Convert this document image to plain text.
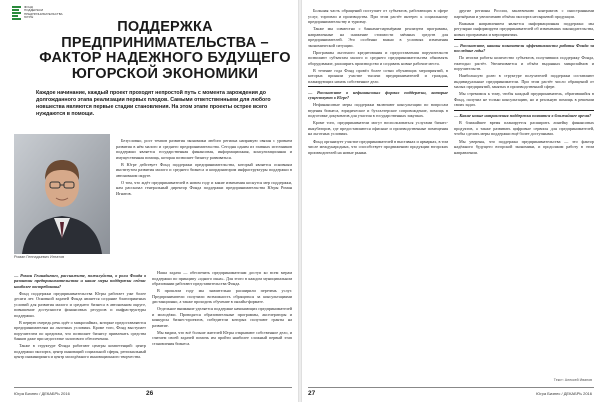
ФОНД
ПОДДЕРЖКИ
ПРЕДПРИНИМАТЕЛЬСТВА
ЮГРЫ
ПОДДЕРЖКА ПРЕДПРИНИМАТЕЛЬСТВА – ФАКТОР НАДЕЖНОГО БУДУЩЕГО ЮГОРСКОЙ ЭКОНОМИКИ

Каждое начинание, каждый проект проходят непростой путь с момента зарождения до долгожданного этапа реализации первых плодов. Самыми ответственными для любого новшества являются первые стадии становления. На этом этапе проекты острее всего нуждаются в помощи.

Роман Геннадьевич Игнатов

Безусловно, рост темпов развития экономики любого региона напрямую связан с уровнем развития в нём малого и среднего предпринимательства. Сегодня одним из главных источников поддержки является государственная финансовая, информационная, консультационная и имущественная помощь, которая позволяет бизнесу развиваться.

В Югре действует Фонд поддержки предпринимательства, который является основным институтом развития малого и среднего бизнеса и координатором инфраструктуры поддержки в автономном округе.

О том, что ждёт предпринимателей в новом году и какие изменения коснутся мер поддержки, нам рассказал генеральный директор Фонда поддержки предпринимательства Югры Роман Игнатов.

— Роман Геннадьевич, расскажите, пожалуйста, о роли Фонда в развитии предпринимательства и какие меры поддержки сейчас наиболее востребованы?

Фонд поддержки предпринимательства Югры работает уже более десяти лет. Основной задачей Фонда является создание благоприятных условий для развития малого и среднего бизнеса в автономном округе, повышение доступности финансовых ресурсов и инфраструктуры поддержки.

В первую очередь речь идёт о микрозаймах, которые предоставляются предпринимателям на льготных условиях. Кроме того, Фонд выступает поручителем по кредитам, что позволяет бизнесу привлекать средства банков даже при недостатке залогового обеспечения.

Также в структуре Фонда работают центры компетенций: центр поддержки экспорта, центр инноваций социальной сферы, региональный центр инжиниринга и центр молодёжного инновационного творчества.

Наша задача — обеспечить предпринимателям доступ ко всем мерам поддержки по принципу «одного окна». Для этого в каждом муниципальном образовании работают представительства Фонда.

В прошлом году мы значительно расширили перечень услуг. Предприниматели получили возможность обращаться за консультациями дистанционно, а также проходить обучение в онлайн-формате.

Отдельное внимание уделяется поддержке начинающих предпринимателей и молодёжи. Проводятся образовательные программы, акселераторы и конкурсы бизнес-проектов, победители которых получают гранты на развитие.

Мы видим, что всё больше жителей Югры открывают собственное дело, и считаем своей задачей помочь им пройти наиболее сложный первый этап становления бизнеса.

Югра Бизнес / ДЕКАБРЬ 2016	26

Большая часть обращений поступает от субъектов, работающих в сфере услуг, торговли и производства. При этом растёт интерес к социальному предпринимательству и туризму.

Также мы совместно с банками-партнёрами реализуем программы, направленные на снижение стоимости заёмных средств для предпринимателей. Это особенно важно в условиях изменения экономической ситуации.

Программы льготного кредитования и предоставления поручительств позволяют субъектам малого и среднего предпринимательства обновлять оборудование, расширять производство и создавать новые рабочие места.

В течение года Фонд провёл более сотни обучающих мероприятий, в которых приняли участие тысячи предпринимателей и граждан, планирующих начать собственное дело.

— Расскажите о нефинансовых формах поддержки, которые существуют в Югре?

Нефинансовые меры поддержки включают консультации по вопросам ведения бизнеса, юридическое и бухгалтерское сопровождение, помощь в подготовке документов для участия в государственных закупках.

Кроме того, предприниматели могут воспользоваться услугами бизнес-инкубаторов, где предоставляются офисные и производственные помещения на льготных условиях.

Фонд организует участие предпринимателей в выставках и ярмарках, в том числе международных, что способствует продвижению продукции югорских производителей на новые рынки.

другие регионы России, заключению контрактов с иностранными партнёрами и увеличению объёма экспорта несырьевой продукции.

Важным направлением является информационная поддержка: мы регулярно информируем предпринимателей об изменениях законодательства, новых программах и мероприятиях.

— Расскажите, каковы показатели эффективности работы Фонда за последние годы?

По итогам работы количество субъектов, получивших поддержку Фонда, ежегодно растёт. Увеличивается и объём выданных микрозаймов и поручительств.

Наибольшую долю в структуре получателей поддержки составляют индивидуальные предприниматели. При этом растёт число обращений от малых предприятий, занятых в производственной сфере.

Мы стремимся к тому, чтобы каждый предприниматель, обратившийся в Фонд, получил не только консультацию, но и реальную помощь в решении своих задач.

— Какие новые направления поддержки появятся в ближайшее время?

В ближайшее время планируется расширить линейку финансовых продуктов, а также развивать цифровые сервисы для предпринимателей, чтобы сделать меры поддержки ещё более доступными.

Мы уверены, что поддержка предпринимательства — это фактор надёжного будущего югорской экономики, и продолжим работу в этом направлении.

Текст: Алексей Иванов
27	Югра Бизнес / ДЕКАБРЬ 2016
